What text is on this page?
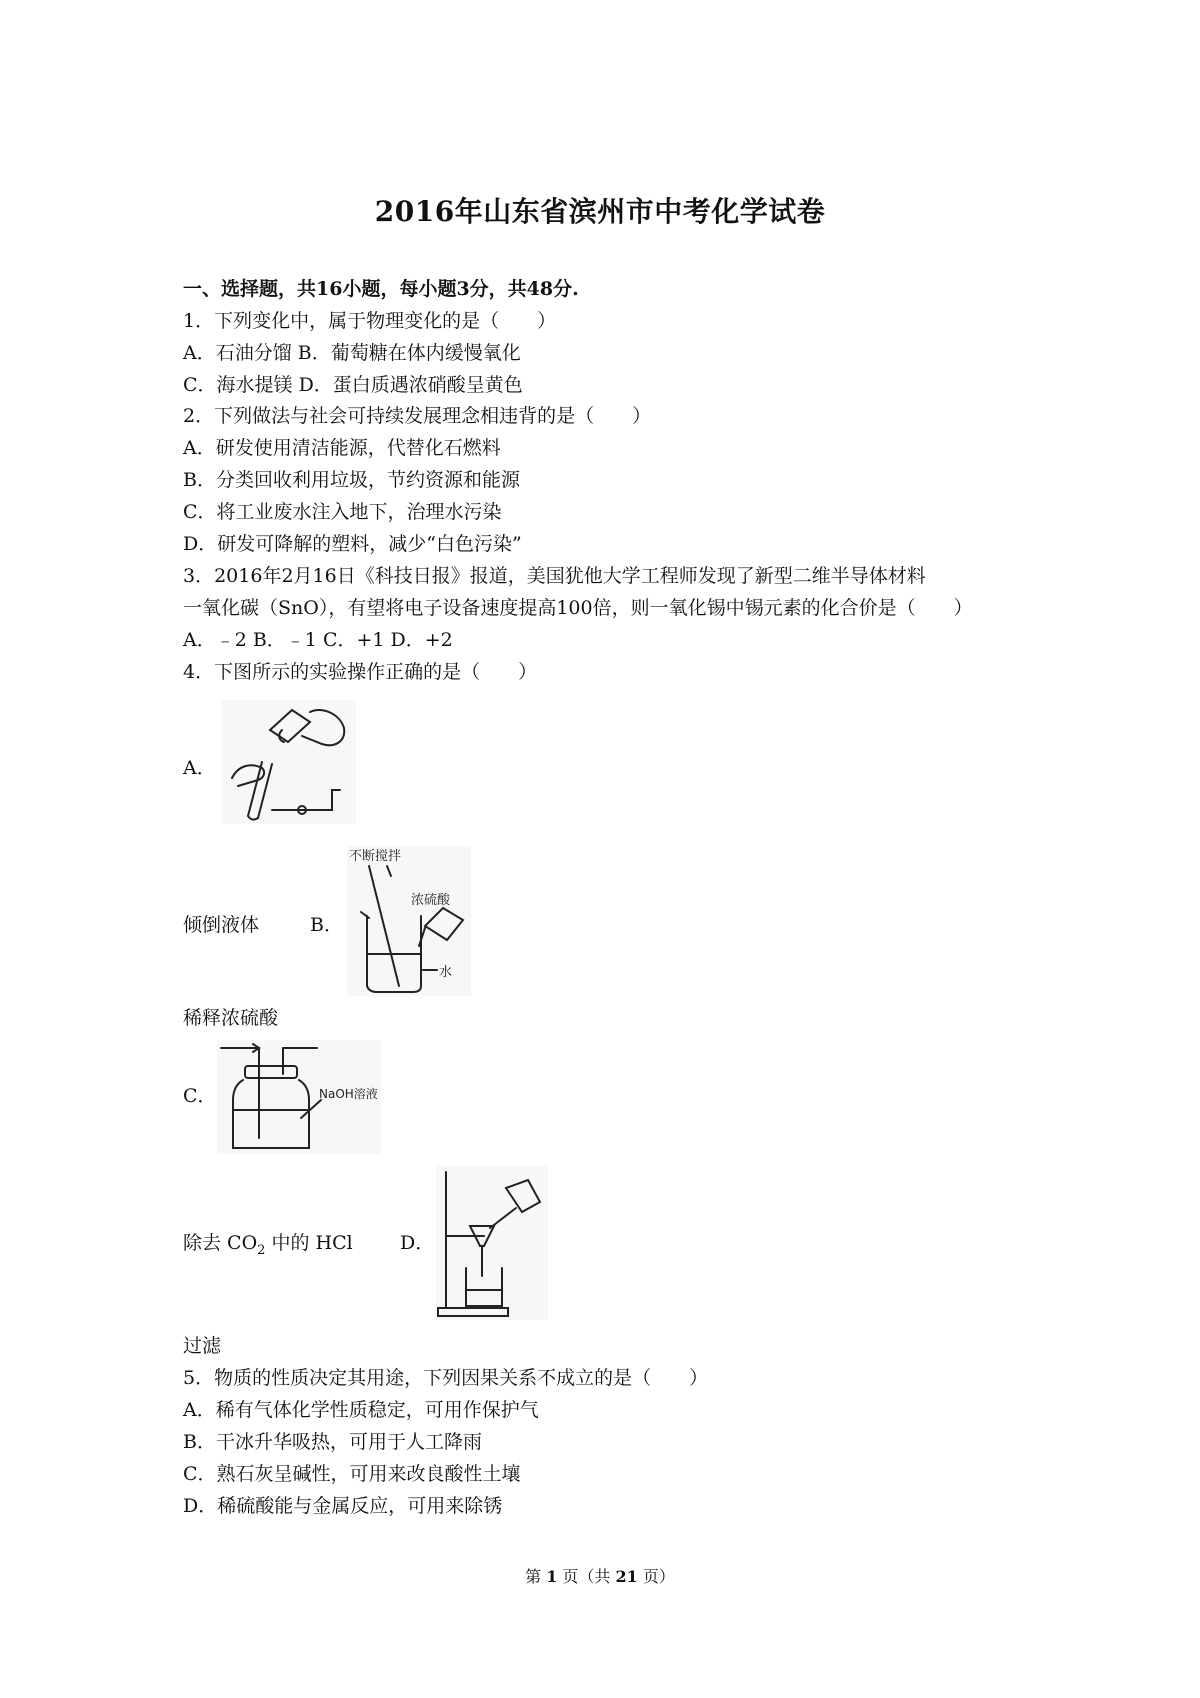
2016年山东省滨州市中考化学试卷
一、选择题，共16小题，每小题3分，共48分.
1．下列变化中，属于物理变化的是（　　）
A．石油分馏 B．葡萄糖在体内缓慢氧化
C．海水提镁 D．蛋白质遇浓硝酸呈黄色
2．下列做法与社会可持续发展理念相违背的是（　　）
A．研发使用清洁能源，代替化石燃料
B．分类回收利用垃圾，节约资源和能源
C．将工业废水注入地下，治理水污染
D．研发可降解的塑料，减少“白色污染”
3．2016年2月16日《科技日报》报道，美国犹他大学工程师发现了新型二维半导体材料
一氧化碳（SnO），有望将电子设备速度提高100倍，则一氧化锡中锡元素的化合价是（　　）
A．﹣2 B．﹣1 C．+1 D．+2
4．下图所示的实验操作正确的是（　　）
A．
倾倒液体	B．
不断搅拌
浓硫酸
水
稀释浓硫酸
C．	NaOH溶液
除去 $CO_2$ 中的 HCl D．
过滤
5．物质的性质决定其用途，下列因果关系不成立的是（　　）
A．稀有气体化学性质稳定，可用作保护气
B．干冰升华吸热，可用于人工降雨
C．熟石灰呈碱性，可用来改良酸性土壤
D．稀硫酸能与金属反应，可用来除锈
第 1 页（共 21 页）
